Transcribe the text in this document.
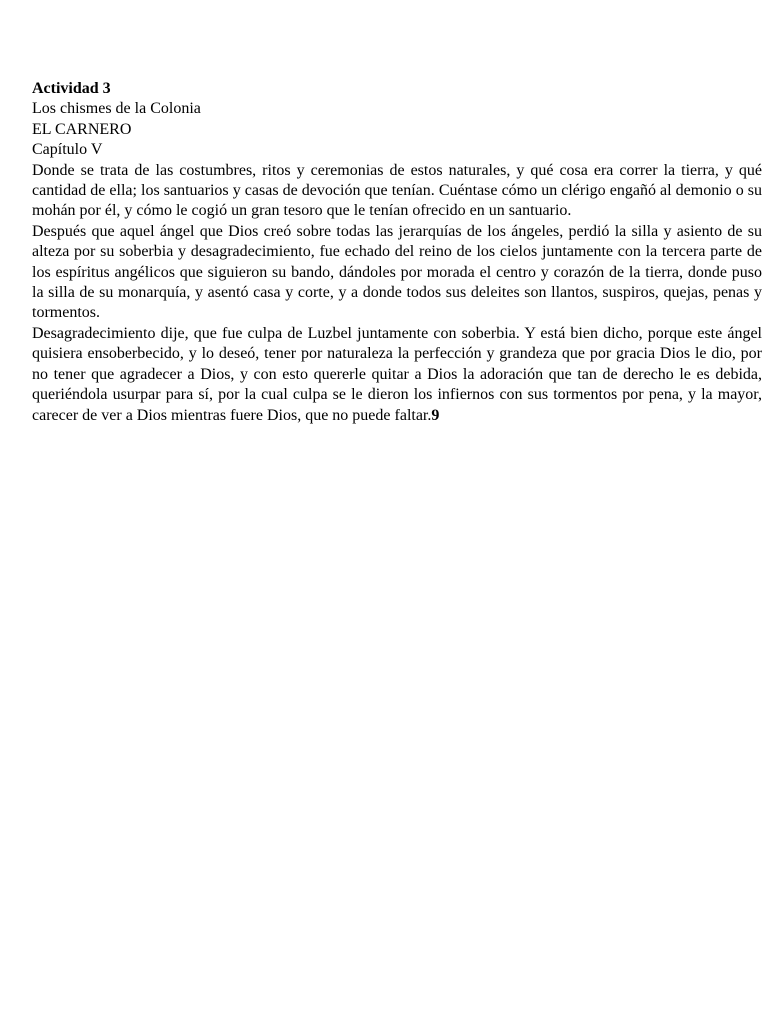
Actividad 3
Los chismes de la Colonia
EL CARNERO
Capítulo V

Donde se trata de las costumbres, ritos y ceremonias de estos naturales, y qué cosa era correr la tierra, y qué cantidad de ella; los santuarios y casas de devoción que tenían. Cuéntase cómo un clérigo engañó al demonio o su mohán por él, y cómo le cogió un gran tesoro que le tenían ofrecido en un santuario.

Después que aquel ángel que Dios creó sobre todas las jerarquías de los ángeles, perdió la silla y asiento de su alteza por su soberbia y desagradecimiento, fue echado del reino de los cielos juntamente con la tercera parte de los espíritus angélicos que siguieron su bando, dándoles por morada el centro y corazón de la tierra, donde puso la silla de su monarquía, y asentó casa y corte, y a donde todos sus deleites son llantos, suspiros, quejas, penas y tormentos.

Desagradecimiento dije, que fue culpa de Luzbel juntamente con soberbia. Y está bien dicho, porque este ángel quisiera ensoberbecido, y lo deseó, tener por naturaleza la perfección y grandeza que por gracia Dios le dio, por no tener que agradecer a Dios, y con esto quererle quitar a Dios la adoración que tan de derecho le es debida, queriéndola usurpar para sí, por la cual culpa se le dieron los infiernos con sus tormentos por pena, y la mayor, carecer de ver a Dios mientras fuere Dios, que no puede faltar.9
